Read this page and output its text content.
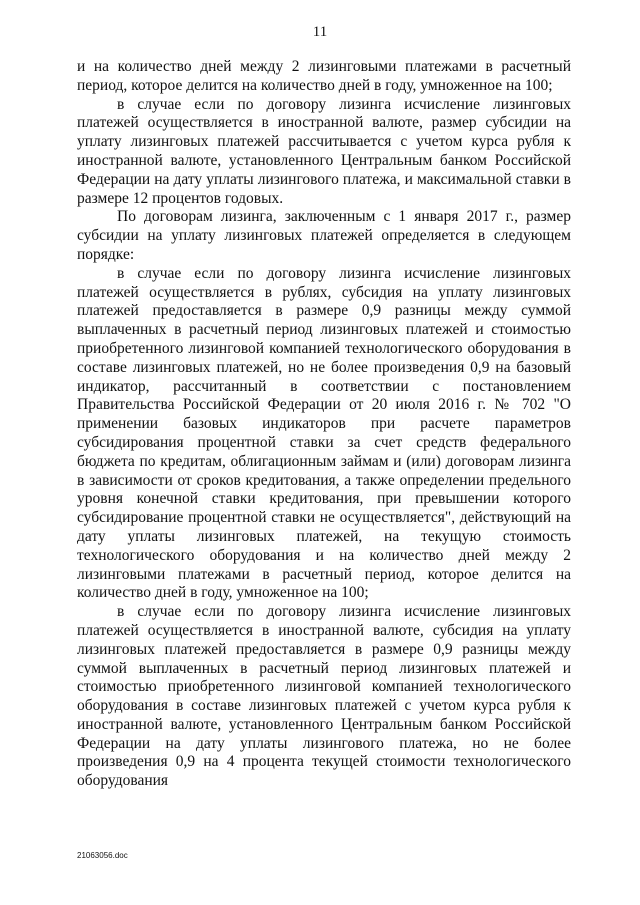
11

и на количество дней между 2 лизинговыми платежами в расчетный период, которое делится на количество дней в году, умноженное на 100;

в случае если по договору лизинга исчисление лизинговых платежей осуществляется в иностранной валюте, размер субсидии на уплату лизинговых платежей рассчитывается с учетом курса рубля к иностранной валюте, установленного Центральным банком Российской Федерации на дату уплаты лизингового платежа, и максимальной ставки в размере 12 процентов годовых.

По договорам лизинга, заключенным с 1 января 2017 г., размер субсидии на уплату лизинговых платежей определяется в следующем порядке:

в случае если по договору лизинга исчисление лизинговых платежей осуществляется в рублях, субсидия на уплату лизинговых платежей предоставляется в размере 0,9 разницы между суммой выплаченных в расчетный период лизинговых платежей и стоимостью приобретенного лизинговой компанией технологического оборудования в составе лизинговых платежей, но не более произведения 0,9 на базовый индикатор, рассчитанный в соответствии с постановлением Правительства Российской Федерации от 20 июля 2016 г. № 702 "О применении базовых индикаторов при расчете параметров субсидирования процентной ставки за счет средств федерального бюджета по кредитам, облигационным займам и (или) договорам лизинга в зависимости от сроков кредитования, а также определении предельного уровня конечной ставки кредитования, при превышении которого субсидирование процентной ставки не осуществляется", действующий на дату уплаты лизинговых платежей, на текущую стоимость технологического оборудования и на количество дней между 2 лизинговыми платежами в расчетный период, которое делится на количество дней в году, умноженное на 100;

в случае если по договору лизинга исчисление лизинговых платежей осуществляется в иностранной валюте, субсидия на уплату лизинговых платежей предоставляется в размере 0,9 разницы между суммой выплаченных в расчетный период лизинговых платежей и стоимостью приобретенного лизинговой компанией технологического оборудования в составе лизинговых платежей с учетом курса рубля к иностранной валюте, установленного Центральным банком Российской Федерации на дату уплаты лизингового платежа, но не более произведения 0,9 на 4 процента текущей стоимости технологического оборудования

21063056.doc
